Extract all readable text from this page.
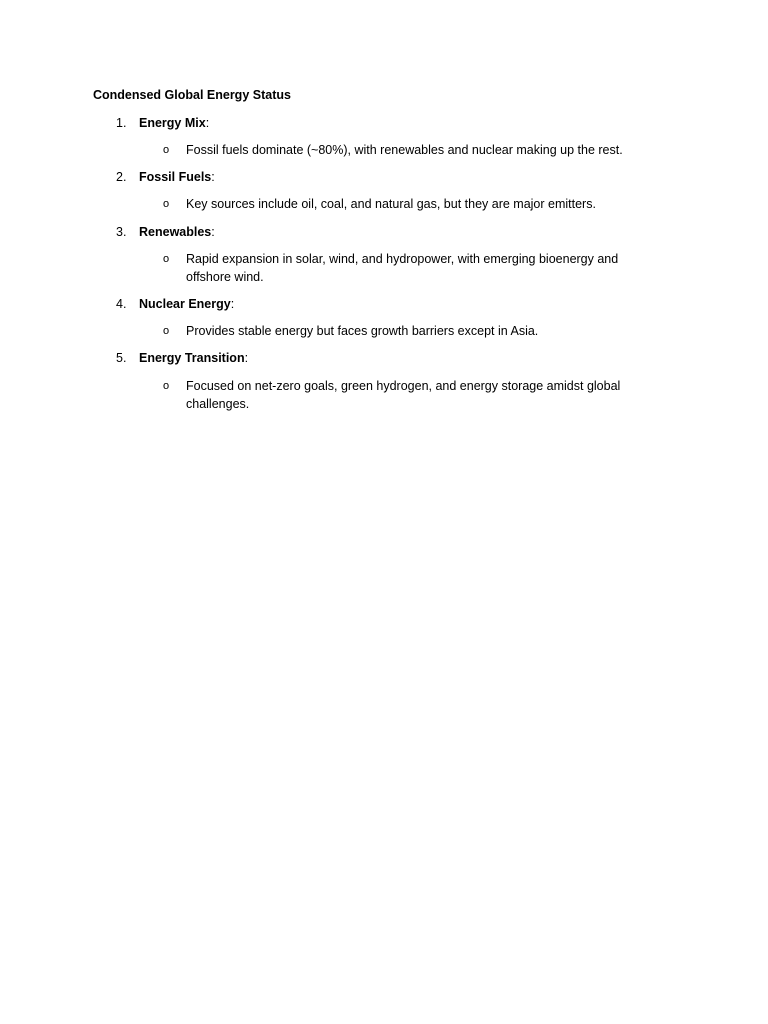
Condensed Global Energy Status
1. Energy Mix:
o Fossil fuels dominate (~80%), with renewables and nuclear making up the rest.
2. Fossil Fuels:
o Key sources include oil, coal, and natural gas, but they are major emitters.
3. Renewables:
o Rapid expansion in solar, wind, and hydropower, with emerging bioenergy and offshore wind.
4. Nuclear Energy:
o Provides stable energy but faces growth barriers except in Asia.
5. Energy Transition:
o Focused on net-zero goals, green hydrogen, and energy storage amidst global challenges.
